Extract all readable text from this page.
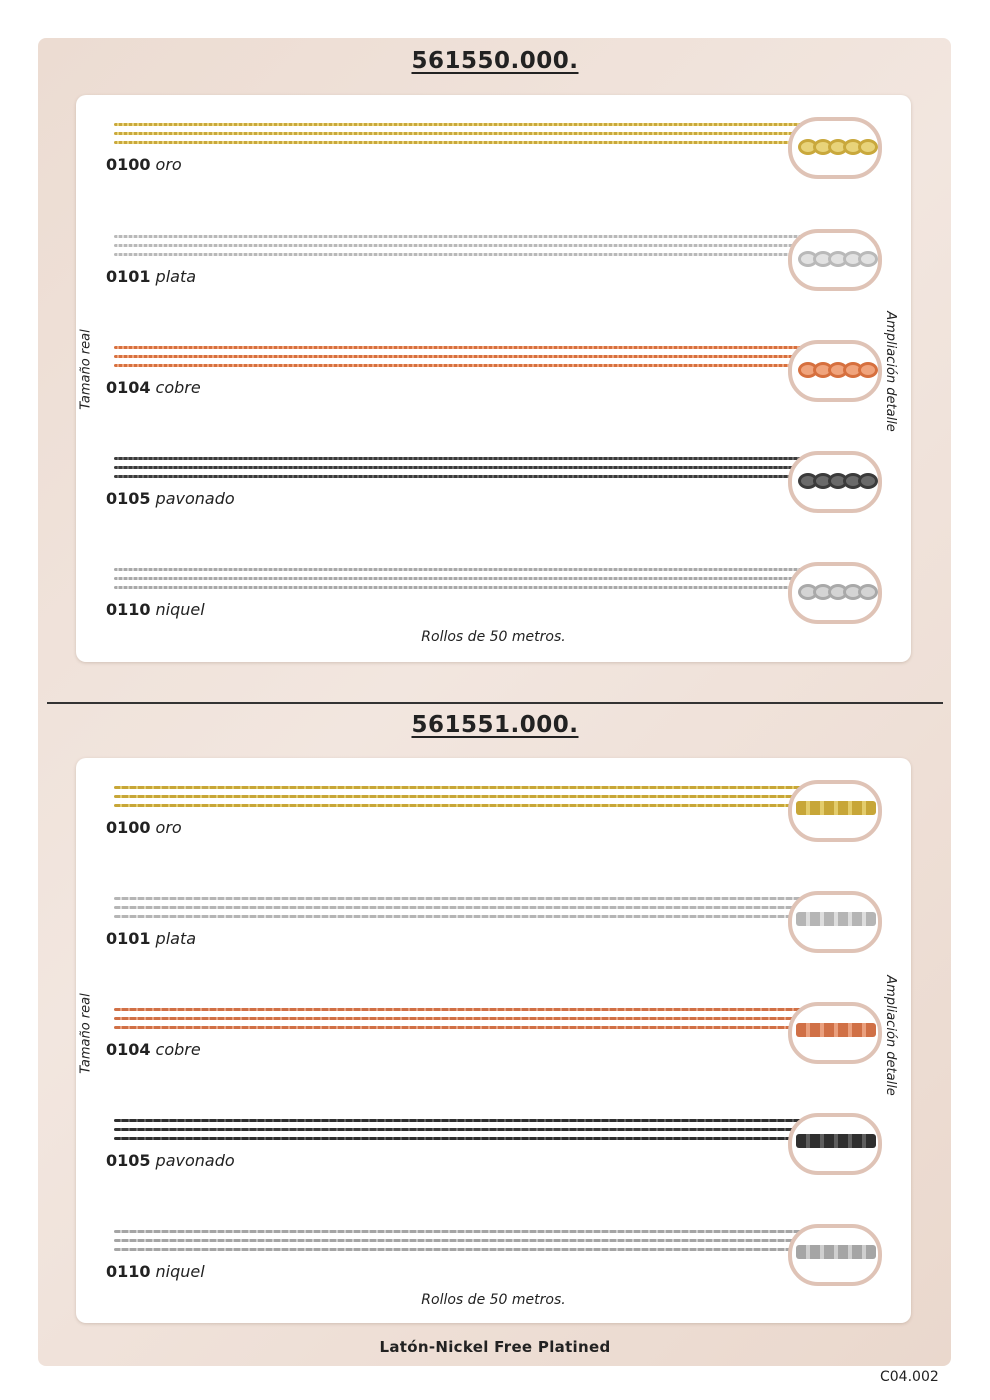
561550.000.
0100 oro
0101 plata
0104 cobre
0105 pavonado
0110 niquel
Rollos de 50 metros.
Tamaño real	Ampliación detalle
561551.000.
0100 oro
0101 plata
0104 cobre
0105 pavonado
0110 niquel
Rollos de 50 metros.
Tamaño real	Ampliación detalle
Latón-Nickel Free Platined
C04.002
